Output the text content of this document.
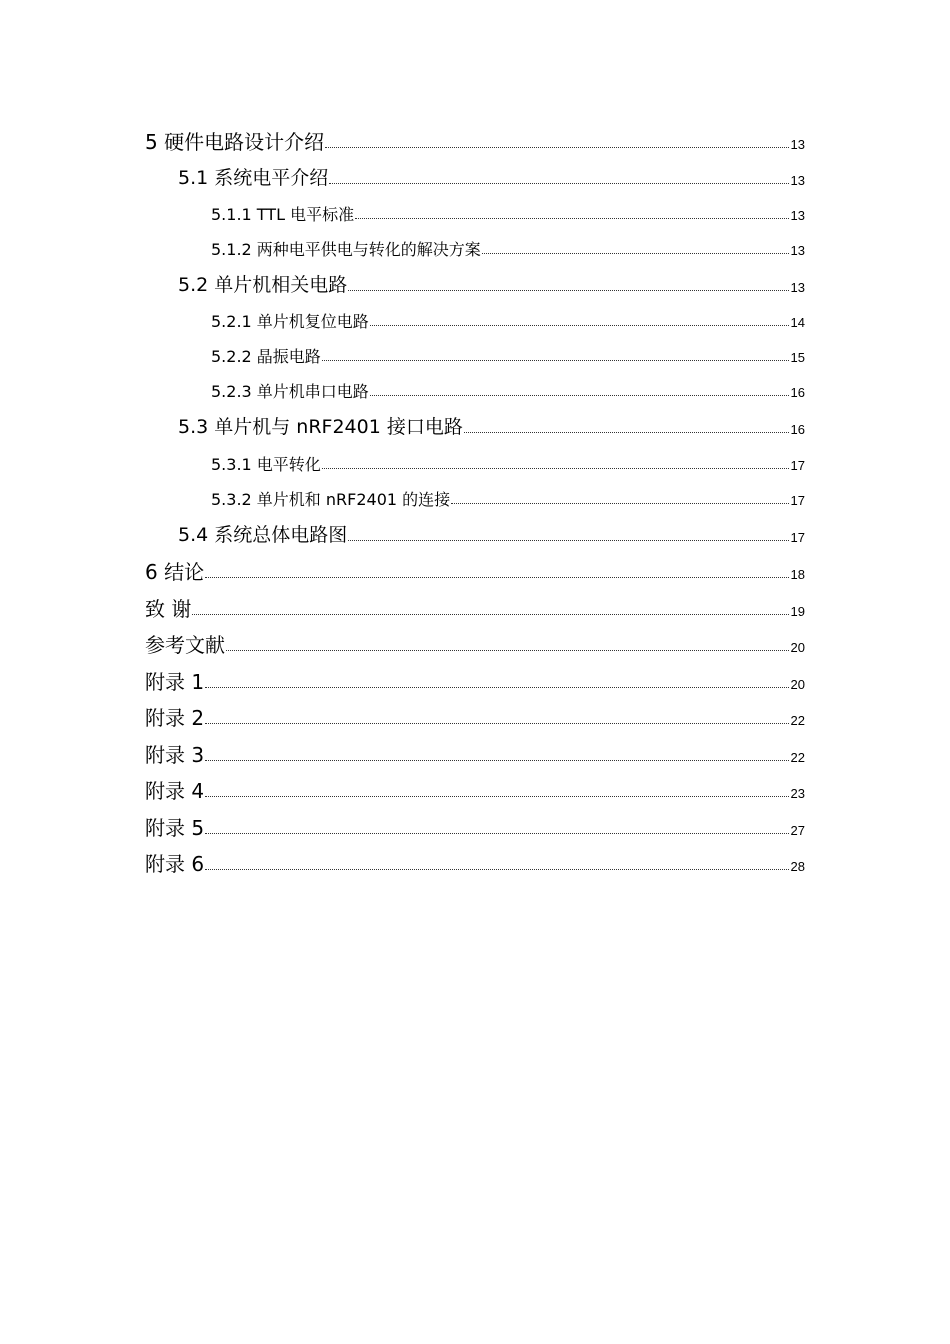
5 硬件电路设计介绍	13
5.1 系统电平介绍	13
5.1.1 TTL 电平标准	13
5.1.2 两种电平供电与转化的解决方案	13
5.2 单片机相关电路	13
5.2.1 单片机复位电路	14
5.2.2 晶振电路	15
5.2.3 单片机串口电路	16
5.3 单片机与 nRF2401 接口电路	16
5.3.1 电平转化	17
5.3.2 单片机和 nRF2401 的连接	17
5.4 系统总体电路图	17
6 结论	18
致 谢	19
参考文献	20
附录 1	20
附录 2	22
附录 3	22
附录 4	23
附录 5	27
附录 6	28
